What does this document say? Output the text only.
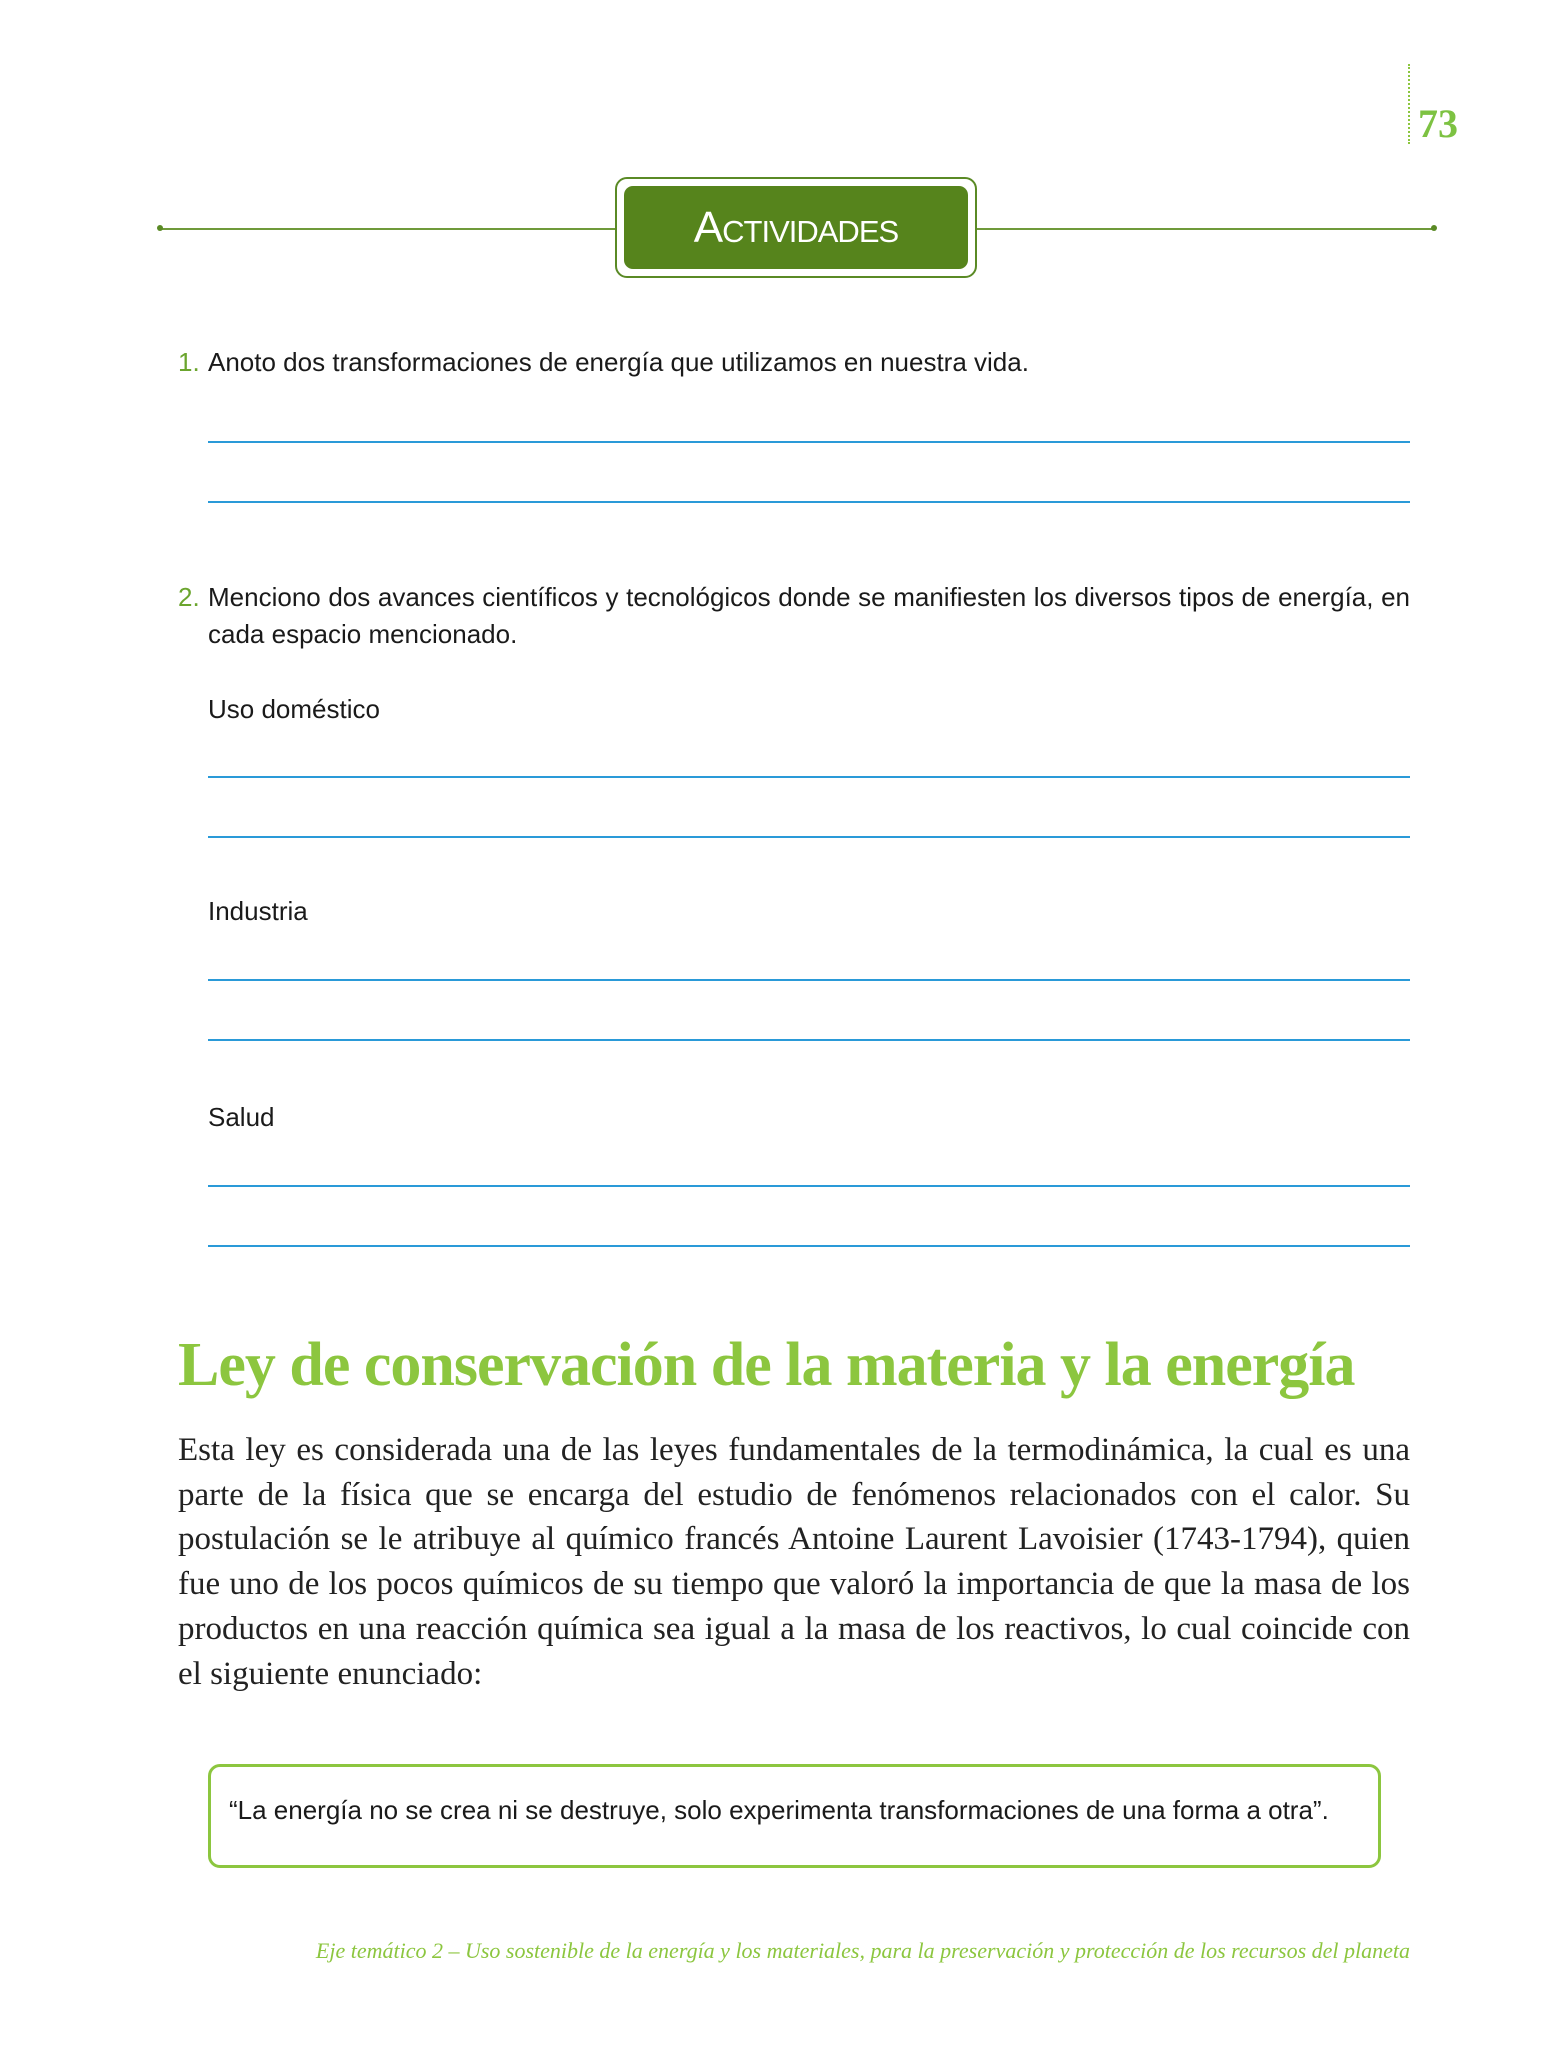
73
Actividades
1. Anoto dos transformaciones de energía que utilizamos en nuestra vida.
2. Menciono dos avances científicos y tecnológicos donde se manifiesten los diversos tipos de energía, en cada espacio mencionado.
Uso doméstico
Industria
Salud
Ley de conservación de la materia y la energía
Esta ley es considerada una de las leyes fundamentales de la termodinámica, la cual es una parte de la física que se encarga del estudio de fenómenos relacionados con el calor. Su postulación se le atribuye al químico francés Antoine Laurent Lavoisier (1743-1794), quien fue uno de los pocos químicos de su tiempo que valoró la importancia de que la masa de los productos en una reacción química sea igual a la masa de los reactivos, lo cual coincide con el siguiente enunciado:
“La energía no se crea ni se destruye, solo experimenta transformaciones de una forma a otra”.
Eje temático 2 – Uso sostenible de la energía y los materiales, para la preservación y protección de los recursos del planeta
